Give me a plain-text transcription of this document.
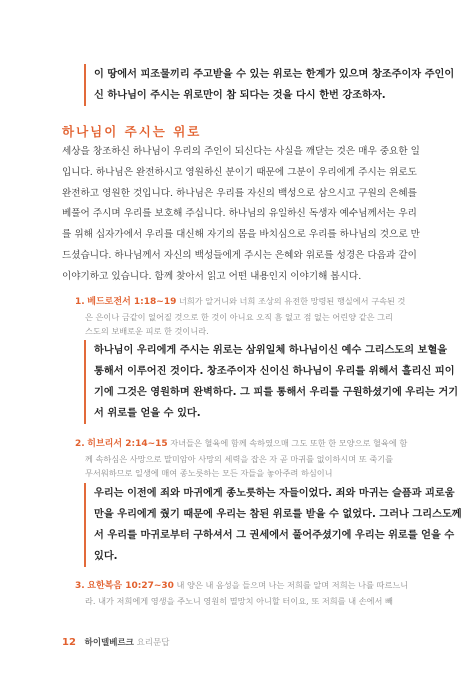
이 땅에서 피조물끼리 주고받을 수 있는 위로는 한계가 있으며 창조주이자 주인이
신 하나님이 주시는 위로만이 참 되다는 것을 다시 한번 강조하자.
하나님이 주시는 위로
세상을 창조하신 하나님이 우리의 주인이 되신다는 사실을 깨닫는 것은 매우 중요한 일
입니다. 하나님은 완전하시고 영원하신 분이기 때문에 그분이 우리에게 주시는 위로도
완전하고 영원한 것입니다. 하나님은 우리를 자신의 백성으로 삼으시고 구원의 은혜를
베풀어 주시며 우리를 보호해 주십니다. 하나님의 유일하신 독생자 예수님께서는 우리
를 위해 십자가에서 우리를 대신해 자기의 몸을 바치심으로 우리를 하나님의 것으로 만
드셨습니다. 하나님께서 자신의 백성들에게 주시는 은혜와 위로를 성경은 다음과 같이
이야기하고 있습니다. 함께 찾아서 읽고 어떤 내용인지 이야기해 봅시다.

1. 베드로전서 1:18~19 너희가 알거니와 너희 조상의 유전한 망령된 행실에서 구속된 것

은 은이나 금같이 없어질 것으로 한 것이 아니요 오직 흠 없고 점 없는 어린양 같은 그리

스도의 보배로운 피로 한 것이니라.

하나님이 우리에게 주시는 위로는 삼위일체 하나님이신 예수 그리스도의 보혈을
통해서 이루어진 것이다. 창조주이자 신이신 하나님이 우리를 위해서 흘리신 피이
기에 그것은 영원하며 완벽하다. 그 피를 통해서 우리를 구원하셨기에 우리는 거기
서 위로를 얻을 수 있다.

2. 히브리서 2:14~15 자녀들은 혈육에 함께 속하였으매 그도 또한 한 모양으로 혈육에 함

께 속하심은 사망으로 말미암아 사망의 세력을 잡은 자 곧 마귀를 없이하시며 또 죽기를

무서워하므로 일생에 매여 종노릇하는 모든 자들을 놓아주려 하심이니

우리는 이전에 죄와 마귀에게 종노릇하는 자들이었다. 죄와 마귀는 슬픔과 괴로움
만을 우리에게 줬기 때문에 우리는 참된 위로를 받을 수 없었다. 그러나 그리스도께
서 우리를 마귀로부터 구하셔서 그 권세에서 풀어주셨기에 우리는 위로를 얻을 수
있다.

3. 요한복음 10:27~30 내 양은 내 음성을 들으며 나는 저희를 알며 저희는 나를 따르느니

라. 내가 저희에게 영생을 주노니 영원히 멸망치 아니할 터이요, 또 저희를 내 손에서 빼

12 하이델베르크 요리문답
